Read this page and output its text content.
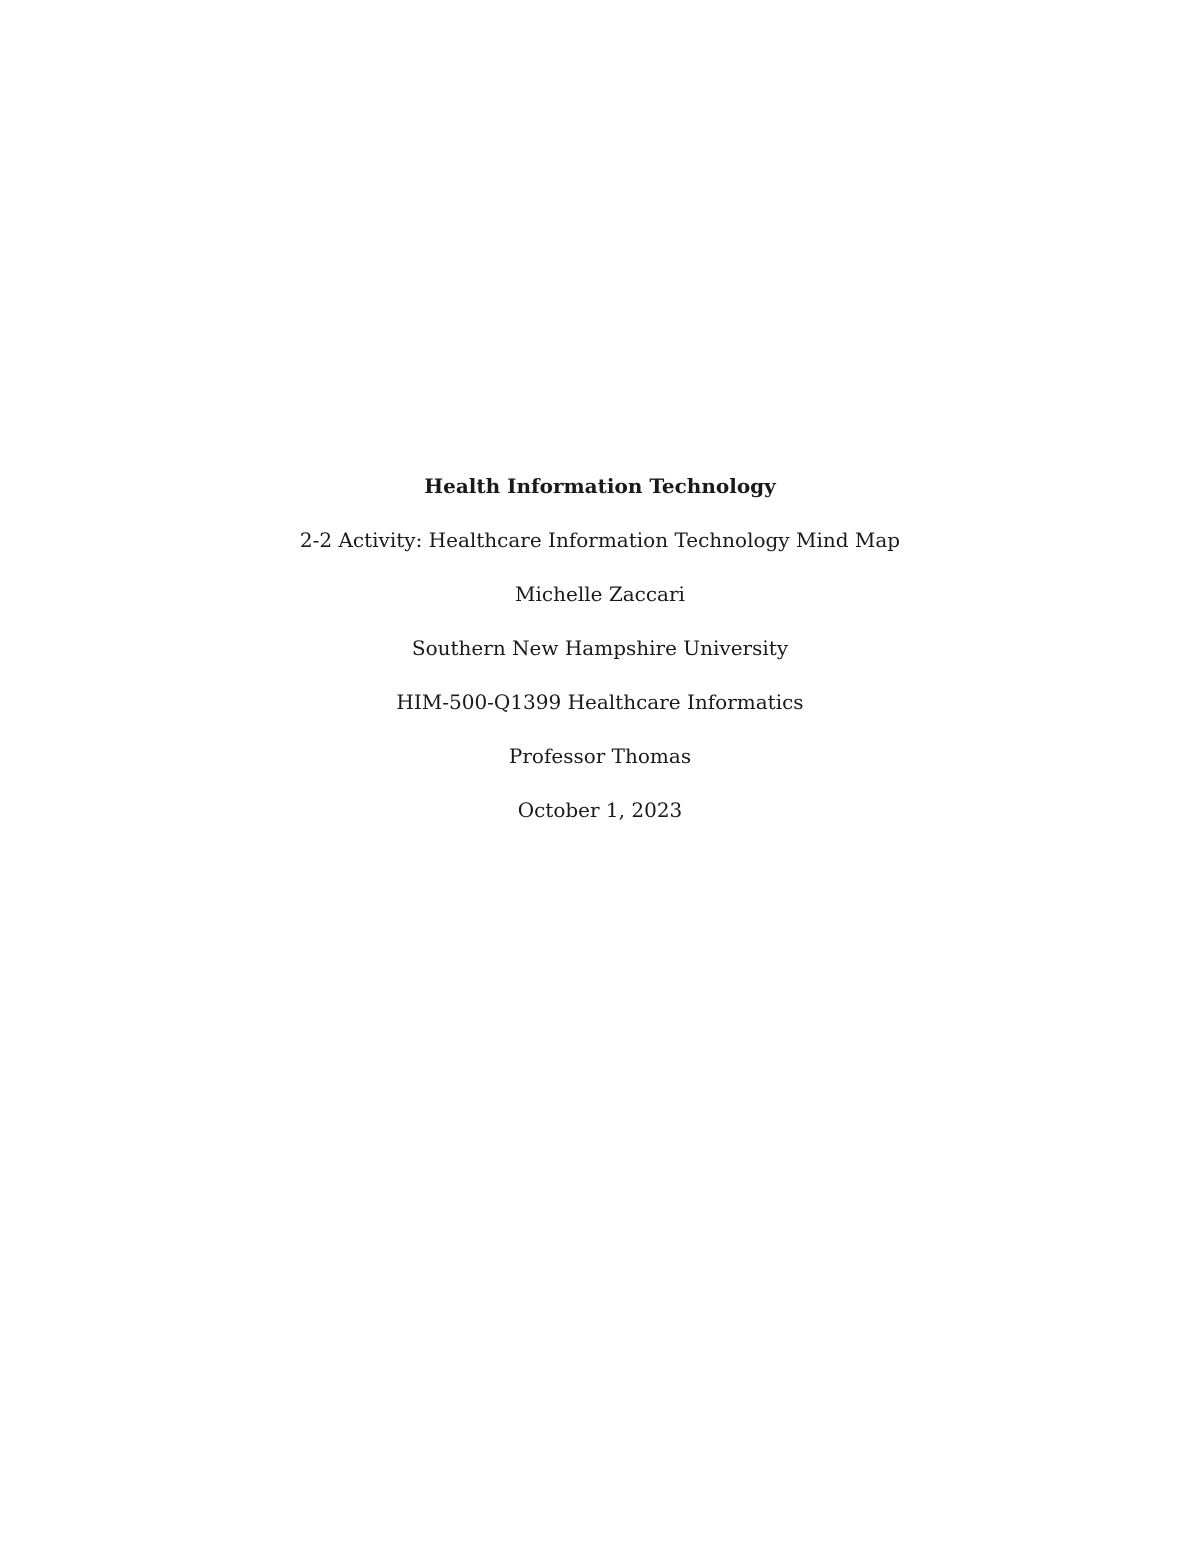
Health Information Technology
2-2 Activity: Healthcare Information Technology Mind Map
Michelle Zaccari
Southern New Hampshire University
HIM-500-Q1399 Healthcare Informatics
Professor Thomas
October 1, 2023
